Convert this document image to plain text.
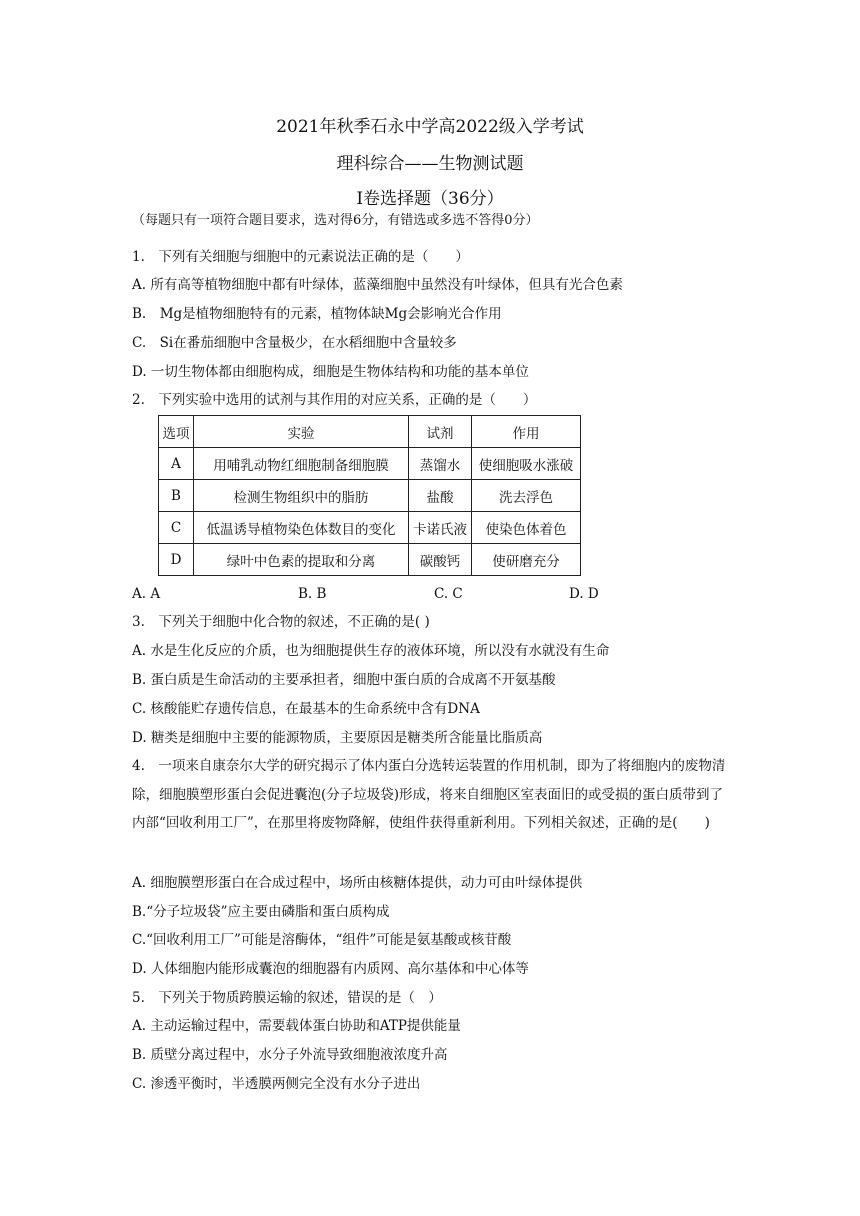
2021年秋季石永中学高2022级入学考试
理科综合——生物测试题
Ⅰ卷选择题（36分）
（每题只有一项符合题目要求，选对得6分，有错选或多选不答得0分）
1.　下列有关细胞与细胞中的元素说法正确的是（　　）
A. 所有高等植物细胞中都有叶绿体，蓝藻细胞中虽然没有叶绿体，但具有光合色素
B.　Mg是植物细胞特有的元素，植物体缺Mg会影响光合作用
C.　Si在番茄细胞中含量极少，在水稻细胞中含量较多
D. 一切生物体都由细胞构成，细胞是生物体结构和功能的基本单位
2.　下列实验中选用的试剂与其作用的对应关系，正确的是（　　）
选项	实验	试剂	作用
A	用哺乳动物红细胞制备细胞膜	蒸馏水	使细胞吸水涨破
B	检测生物组织中的脂肪	盐酸	洗去浮色
C	低温诱导植物染色体数目的变化	卡诺氏液	使染色体着色
D	绿叶中色素的提取和分离	碳酸钙	使研磨充分
A. A	B. B	C. C	D. D
3.　下列关于细胞中化合物的叙述，不正确的是( )
A. 水是生化反应的介质，也为细胞提供生存的液体环境，所以没有水就没有生命
B. 蛋白质是生命活动的主要承担者，细胞中蛋白质的合成离不开氨基酸
C. 核酸能贮存遗传信息，在最基本的生命系统中含有DNA
D. 糖类是细胞中主要的能源物质，主要原因是糖类所含能量比脂质高
4.　一项来自康奈尔大学的研究揭示了体内蛋白分选转运装置的作用机制，即为了将细胞内的废物清除，细胞膜塑形蛋白会促进囊泡(分子垃圾袋)形成，将来自细胞区室表面旧的或受损的蛋白质带到了内部“回收利用工厂”，在那里将废物降解，使组件获得重新利用。下列相关叙述，正确的是(　　)
A. 细胞膜塑形蛋白在合成过程中，场所由核糖体提供，动力可由叶绿体提供
B.“分子垃圾袋”应主要由磷脂和蛋白质构成
C.“回收利用工厂”可能是溶酶体，“组件”可能是氨基酸或核苷酸
D. 人体细胞内能形成囊泡的细胞器有内质网、高尔基体和中心体等
5.　下列关于物质跨膜运输的叙述，错误的是（　）
A. 主动运输过程中，需要载体蛋白协助和ATP提供能量
B. 质壁分离过程中，水分子外流导致细胞液浓度升高
C. 渗透平衡时，半透膜两侧完全没有水分子进出
